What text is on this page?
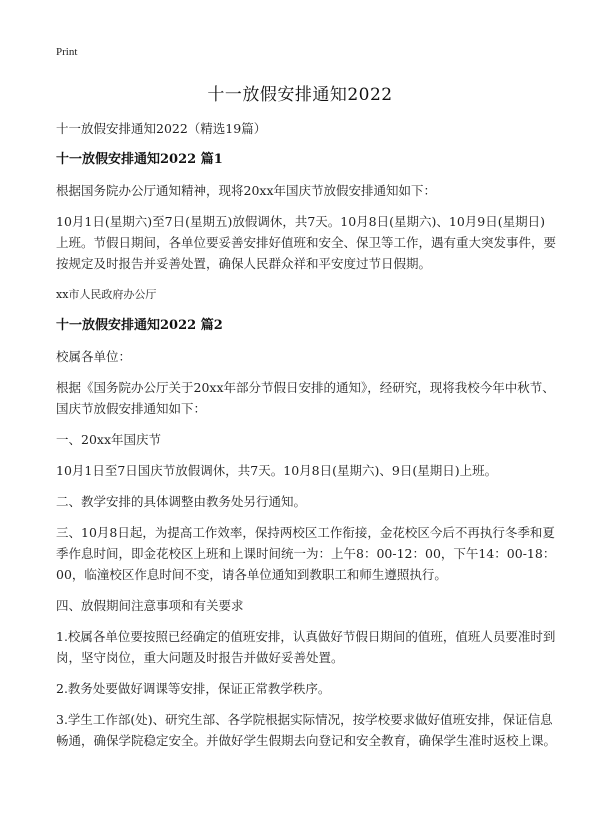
Print
十一放假安排通知2022
十一放假安排通知2022（精选19篇）
十一放假安排通知2022 篇1
根据国务院办公厅通知精神，现将20xx年国庆节放假安排通知如下：
10月1日(星期六)至7日(星期五)放假调休，共7天。10月8日(星期六)、10月9日(星期日)上班。节假日期间，各单位要妥善安排好值班和安全、保卫等工作，遇有重大突发事件，要按规定及时报告并妥善处置，确保人民群众祥和平安度过节日假期。
xx市人民政府办公厅
十一放假安排通知2022 篇2
校属各单位：
根据《国务院办公厅关于20xx年部分节假日安排的通知》，经研究，现将我校今年中秋节、国庆节放假安排通知如下：
一、20xx年国庆节
10月1日至7日国庆节放假调休，共7天。10月8日(星期六)、9日(星期日)上班。
二、教学安排的具体调整由教务处另行通知。
三、10月8日起，为提高工作效率，保持两校区工作衔接，金花校区今后不再执行冬季和夏季作息时间，即金花校区上班和上课时间统一为：上午8：00-12：00，下午14：00-18：00，临潼校区作息时间不变，请各单位通知到教职工和师生遵照执行。
四、放假期间注意事项和有关要求
1.校属各单位要按照已经确定的值班安排，认真做好节假日期间的值班，值班人员要准时到岗，坚守岗位，重大问题及时报告并做好妥善处置。
2.教务处要做好调课等安排，保证正常教学秩序。
3.学生工作部(处)、研究生部、各学院根据实际情况，按学校要求做好值班安排，保证信息畅通，确保学院稳定安全。并做好学生假期去向登记和安全教育，确保学生准时返校上课。
